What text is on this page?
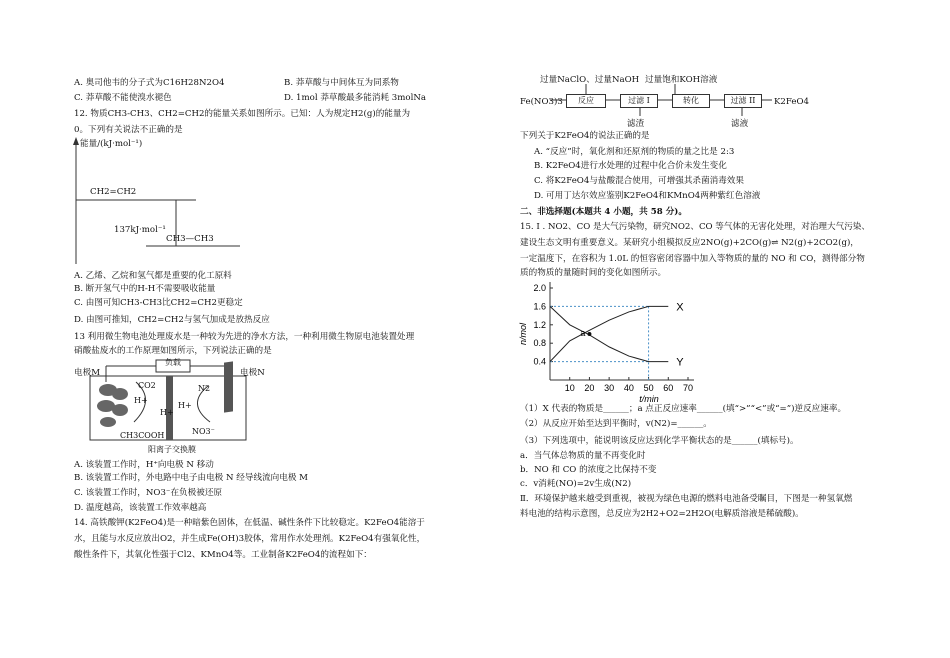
A. 奥司他韦的分子式为C16H28N2O4	B. 莽草酸与中间体互为同系物
C. 莽草酸不能使溴水褪色	D. 1mol 莽草酸最多能消耗 3molNa
12. 物质CH3-CH3、CH2=CH2的能量关系如图所示。已知：人为规定H2(g)的能量为
0。下列有关说法不正确的是
能量/(kJ·mol⁻¹)
CH2=CH2
137kJ·mol⁻¹
CH3—CH3
A. 乙烯、乙烷和氢气都是重要的化工原料
B. 断开氢气中的H-H不需要吸收能量
C. 由图可知CH3-CH3比CH2=CH2更稳定
D. 由图可推知，CH2=CH2与氢气加成是放热反应
13 利用微生物电池处理废水是一种较为先进的净水方法，一种利用微生物原电池装置处理
硝酸盐废水的工作原理如图所示，下列说法正确的是
负载
电极M	电极N
CO2
H+
H+
H+
N2
NO3⁻
CH3COOH
阳离子交换膜
A. 该装置工作时，H⁺向电极 N 移动
B. 该装置工作时，外电路中电子由电极 N 经导线流向电极 M
C. 该装置工作时，NO3⁻在负极被还原
D. 温度越高，该装置工作效率越高
14. 高铁酸钾(K2FeO4)是一种暗紫色固体，在低温、碱性条件下比较稳定。K2FeO4能溶于
水，且能与水反应放出O2，并生成Fe(OH)3胶体，常用作水处理剂。K2FeO4有强氧化性，
酸性条件下，其氧化性强于Cl2、KMnO4等。工业制备K2FeO4的流程如下：
过量NaClO、过量NaOH 过量饱和KOH溶液
Fe(NO3)3	反应	过滤 I	转化	过滤 II	K2FeO4
滤渣	滤液
下列关于K2FeO4的说法正确的是
A. “反应”时，氧化剂和还原剂的物质的量之比是 2:3
B. K2FeO4进行水处理的过程中化合价未发生变化
C. 将K2FeO4与盐酸混合使用，可增强其杀菌消毒效果
D. 可用丁达尔效应鉴别K2FeO4和KMnO4两种紫红色溶液
二、非选择题(本题共 4 小题，共 58 分)。
15. I . NO2、CO 是大气污染物，研究NO2、CO 等气体的无害化处理，对治理大气污染、
建设生态文明有重要意义。某研究小组模拟反应2NO(g)+2CO(g)⇌ N2(g)+2CO2(g)，
一定温度下，在容积为 1.0L 的恒容密闭容器中加入等物质的量的 NO 和 CO，测得部分物
质的物质的量随时间的变化如图所示。
10 20 30 40 50 60 70
0.4
0.8
1.2
1.6
2.0
n/mol
t/min
X
Y
a
（1）X 代表的物质是______；a 点正反应速率______(填“>”“<”或“=”)逆反应速率。
（2）从反应开始至达到平衡时，v(N2)=______。
（3）下列选项中，能说明该反应达到化学平衡状态的是______(填标号)。
a．当气体总物质的量不再变化时
b．NO 和 CO 的浓度之比保持不变
c．v消耗(NO)=2v生成(N2)
Ⅱ．环境保护越来越受到重视，被视为绿色电源的燃料电池备受瞩目，下图是一种氢氧燃
料电池的结构示意图，总反应为2H2+O2=2H2O(电解质溶液是稀硫酸)。
